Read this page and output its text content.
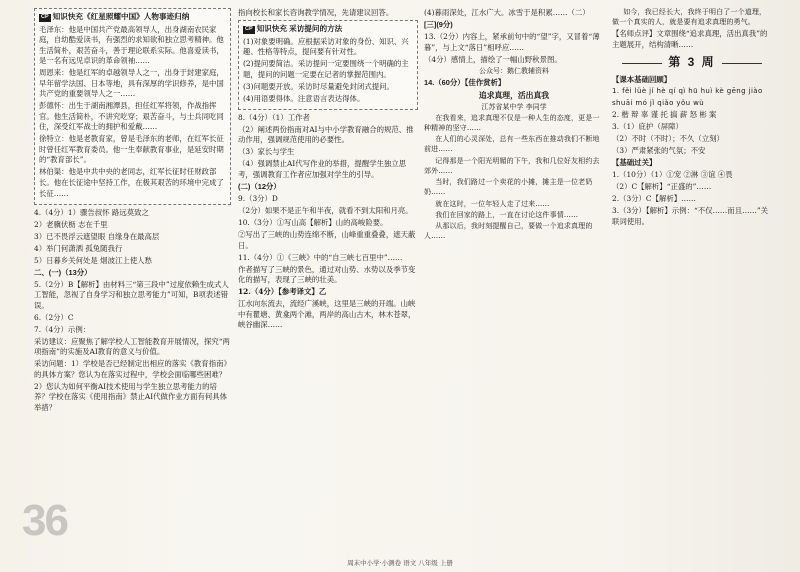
CP 知识快充《红星照耀中国》人物事迹归纳

毛泽东：他是中国共产党最高领导人，出身湖南农民家庭，自幼酷爱读书，有强烈的求知欲和独立思考精神。他生活简朴，艰苦奋斗，善于理论联系实际。他喜爱读书，是一名有远见卓识的革命领袖……

周恩来：他是红军的卓越领导人之一，出身于封建家庭，早年留学法国、日本等地，具有深厚的学识修养，是中国共产党的重要领导人之一……

彭德怀：出生于湖南湘潭县，担任红军将领，作战指挥官。他生活简朴，不讲究吃穿；艰苦奋斗，与士兵同吃同住，深受红军战士的拥护和爱戴……

徐特立：他是老教育家，曾是毛泽东的老师，在红军长征时曾任红军教育委员。他一生奉献教育事业，是延安时期的“教育部长”。

林伯渠：他是中共中央的老同志，红军长征时任财政部长。他在长征途中坚持工作，在极其艰苦的环境中完成了长征……

4.（4分）1）骤告叔怀 路远莫致之

2）老骥伏枥 志在千里

3）已不畏浮云遮望眼 自缘身在最高层

4）举门何潇洒 孤兔随我行

5）日暮乡关何处是 烟波江上使人愁

二、(一)（13分）

5.（2分）B【解析】由材料三“第三段中”过度依赖生成式人工智能，忽视了自身学习和独立思考能力”可知，B项表述错误。

6.（2分）C

7.（4分）示例：

采访建议：应聚焦了解学校人工智能教育开展情况，探究“两项指南”的实施及AI教育的意义与价值。

采访问题：1）学校是否已经制定出相应的落实《教育指南》的具体方案？您认为在落实过程中，学校会面临哪些困难？

2）您认为如何平衡AI技术使用与学生独立思考能力的培养？学校在落实《使用指南》禁止AI代做作业方面有何具体举措？

指向校长和家长咨询教学情况，先请建议回答。

CP 知识快充 采访提问的方法

(1)对象要明确。应根据采访对象的身份、知识、兴趣、性格等特点，提问要有针对性。

(2)提问要简洁。采访提问一定要围绕一个明确的主题，提问的问题一定要在记者的掌握范围内。

(3)问题要开放。采访时尽量避免封闭式提问。

(4)用语要得体。注意语言表达得体。

8.（4分）（1）工作者

（2）阐述两份指南对AI与中小学教育融合的规范、推动作用，强调规范使用的必要性。

（3）家长与学生

（4）强调禁止AI代写作业的举措，提醒学生独立思考，强调教育工作者应加强对学生的引导。

(二)（12分）

9.（3分）D

（2分）如果不是正午和半夜，就看不到太阳和月亮。

10.（3分）①写山高【解析】山的高峻险要。

②写出了三峡的山势连绵不断，山峰重重叠叠，遮天蔽日。

11.（4分）①《三峡》中的“自三峡七百里中”……

作者描写了三峡的景色，通过对山势、水势以及季节变化的描写，表现了三峡的壮美。

12.（4分）【参考译文】乙

江水向东流去，流经广溪峡，这里是三峡的开端。山峡中有瞿塘、黄龛两个滩，两岸的高山古木，林木苍翠，峡谷幽深……

(4)暮雨深处，江水广大。冰雪于是积累……（二）

[三](9分)

13.（2分）内容上，紧承前句中的“望”字，又冒着“薄暮”，与上文“落日”相呼应……

（4分）感情上，描绘了一幅山野秋景图。

公众号：鹅仁教辅资料

14.（60分）【佳作赏析】

追求真理，活出真我
江苏省某中学 李同学

在我看来，追求真理不仅是一种人生的态度，更是一种精神的坚守……

在人们的心灵深处，总有一些东西在推动我们不断地前进……

记得那是一个阳光明媚的下午，我和几位好友相约去郊外……

当时，我们路过一个卖花的小摊，摊主是一位老奶奶……

就在这时，一位年轻人走了过来……

我们在回家的路上，一直在讨论这件事情……

从那以后，我时刻提醒自己，要做一个追求真理的人……

如今，我已经长大，我终于明白了一个道理，做一个真实的人，就是要有追求真理的勇气。

【名师点评】文章围绕“追求真理，活出真我”的主题展开，结构清晰……

第 3 周

【课本基础回顾】

1. fěi lüè jí hè qí qì hū huì kè gēng jiào

shuāi mó jǐ qiǎo yǒu wù

2. 楷 辩 辜 谨 托 搞 薪 怒 彬 案

3.（1）庇护（屏障）

（2）不时（不时）；不久（立刻）

（3）严肃紧张的气氛；不安

【基础过关】

1.（10分）（1）①宠 ②淋 ③谊 ④畏

（2）C【解析】“正盛的”……

2.（3分）C【解析】……

3.（3分）【解析】示例：“不仅……而且……”关联词使用。

36
周末中小学·小测卷 语文 八年级 上册
